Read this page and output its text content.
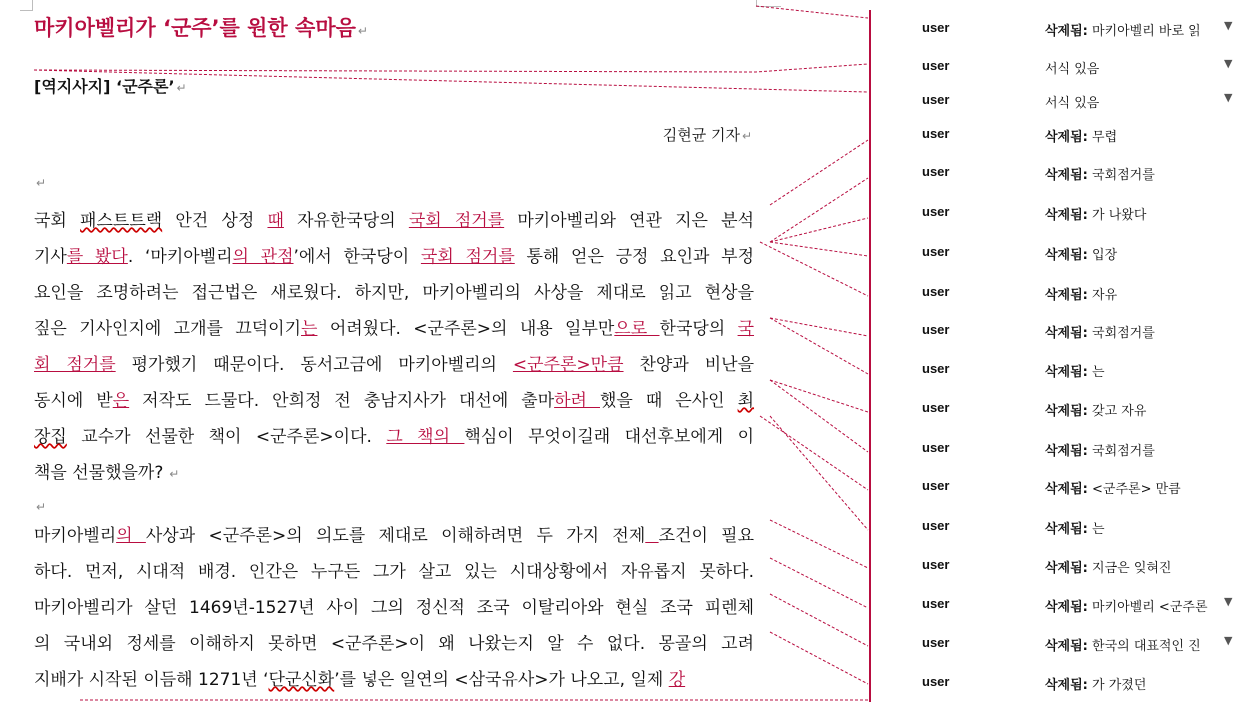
마키아벨리가 ‘군주’를 원한 속마음 ↵
[역지사지] ‘군주론’ ↵
김현균 기자 ↵
↵
국회 패스트트랙 안건 상정 때 자유한국당의 국회 점거를 마키아벨리와 연관 지은 분석
기사를 봤다. ‘마키아벨리의 관점’에서 한국당이 국회 점거를 통해 얻은 긍정 요인과 부정
요인을 조명하려는 접근법은 새로웠다. 하지만, 마키아벨리의 사상을 제대로 읽고 현상을
짚은 기사인지에 고개를 끄덕이기는 어려웠다. <군주론>의 내용 일부만으로 한국당의 국
회 점거를 평가했기 때문이다. 동서고금에 마키아벨리의 <군주론>만큼 찬양과 비난을
동시에 받은 저작도 드물다. 안희정 전 충남지사가 대선에 출마하려 했을 때 은사인 최
장집 교수가 선물한 책이 <군주론>이다. 그 책의 핵심이 무엇이길래 대선후보에게 이
책을 선물했을까? ↵
↵
마키아벨리의 사상과 <군주론>의 의도를 제대로 이해하려면 두 가지 전제 조건이 필요
하다. 먼저, 시대적 배경. 인간은 누구든 그가 살고 있는 시대상황에서 자유롭지 못하다.
마키아벨리가 살던 1469년-1527년 사이 그의 정신적 조국 이탈리아와 현실 조국 피렌체
의 국내외 정세를 이해하지 못하면 <군주론>이 왜 나왔는지 알 수 없다. 몽골의 고려
지배가 시작된 이듬해 1271년 ‘단군신화’를 넣은 일연의 <삼국유사>가 나오고, 일제 강
user	삭제됨: 마키아벨리 바로 읽	▼
user	서식 있음	▼
user	서식 있음	▼
user	삭제됨: 무렵
user	삭제됨: 국회점거를
user	삭제됨: 가 나왔다
user	삭제됨: 입장
user	삭제됨: 자유
user	삭제됨: 국회점거를
user	삭제됨: 는
user	삭제됨: 갖고 자유
user	삭제됨: 국회점거를
user	삭제됨: <군주론> 만큼
user	삭제됨: 는
user	삭제됨: 지금은 잊혀진
user	삭제됨: 마키아벨리 <군주론	▼
user	삭제됨: 한국의 대표적인 진	▼
user	삭제됨: 가 가졌던
